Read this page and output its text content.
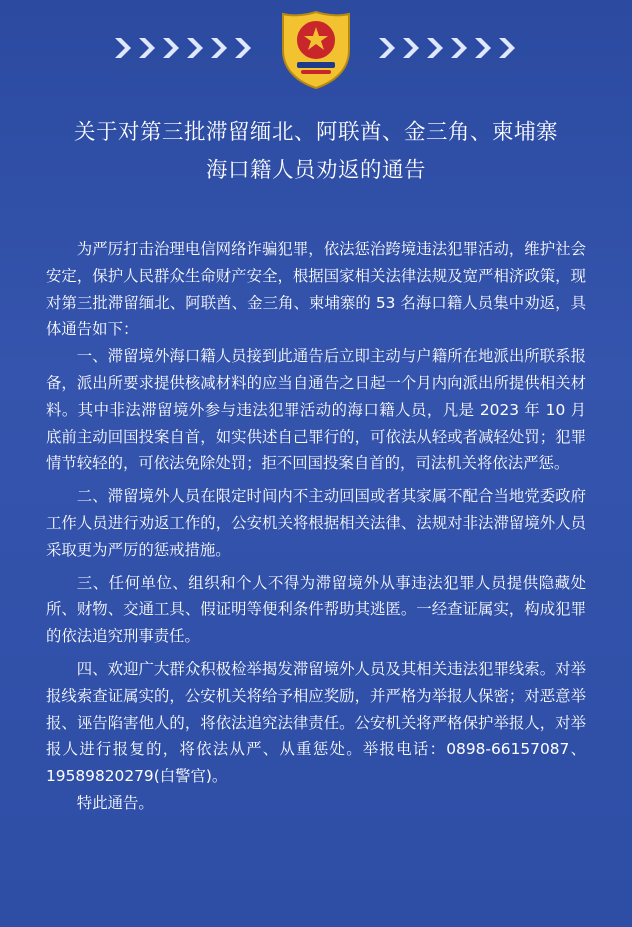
关于对第三批滞留缅北、阿联酋、金三角、柬埔寨
海口籍人员劝返的通告

为严厉打击治理电信网络诈骗犯罪，依法惩治跨境违法犯罪活动，维护社会安定，保护人民群众生命财产安全，根据国家相关法律法规及宽严相济政策，现对第三批滞留缅北、阿联酋、金三角、柬埔寨的 53 名海口籍人员集中劝返，具体通告如下：

一、滞留境外海口籍人员接到此通告后立即主动与户籍所在地派出所联系报备，派出所要求提供核减材料的应当自通告之日起一个月内向派出所提供相关材料。其中非法滞留境外参与违法犯罪活动的海口籍人员，凡是 2023 年 10 月底前主动回国投案自首，如实供述自己罪行的，可依法从轻或者减轻处罚；犯罪情节较轻的，可依法免除处罚；拒不回国投案自首的，司法机关将依法严惩。

二、滞留境外人员在限定时间内不主动回国或者其家属不配合当地党委政府工作人员进行劝返工作的，公安机关将根据相关法律、法规对非法滞留境外人员采取更为严厉的惩戒措施。

三、任何单位、组织和个人不得为滞留境外从事违法犯罪人员提供隐藏处所、财物、交通工具、假证明等便利条件帮助其逃匿。一经查证属实，构成犯罪的依法追究刑事责任。

四、欢迎广大群众积极检举揭发滞留境外人员及其相关违法犯罪线索。对举报线索查证属实的，公安机关将给予相应奖励，并严格为举报人保密；对恶意举报、诬告陷害他人的，将依法追究法律责任。公安机关将严格保护举报人，对举报人进行报复的，将依法从严、从重惩处。举报电话：0898-66157087、19589820279(白警官)。

特此通告。
